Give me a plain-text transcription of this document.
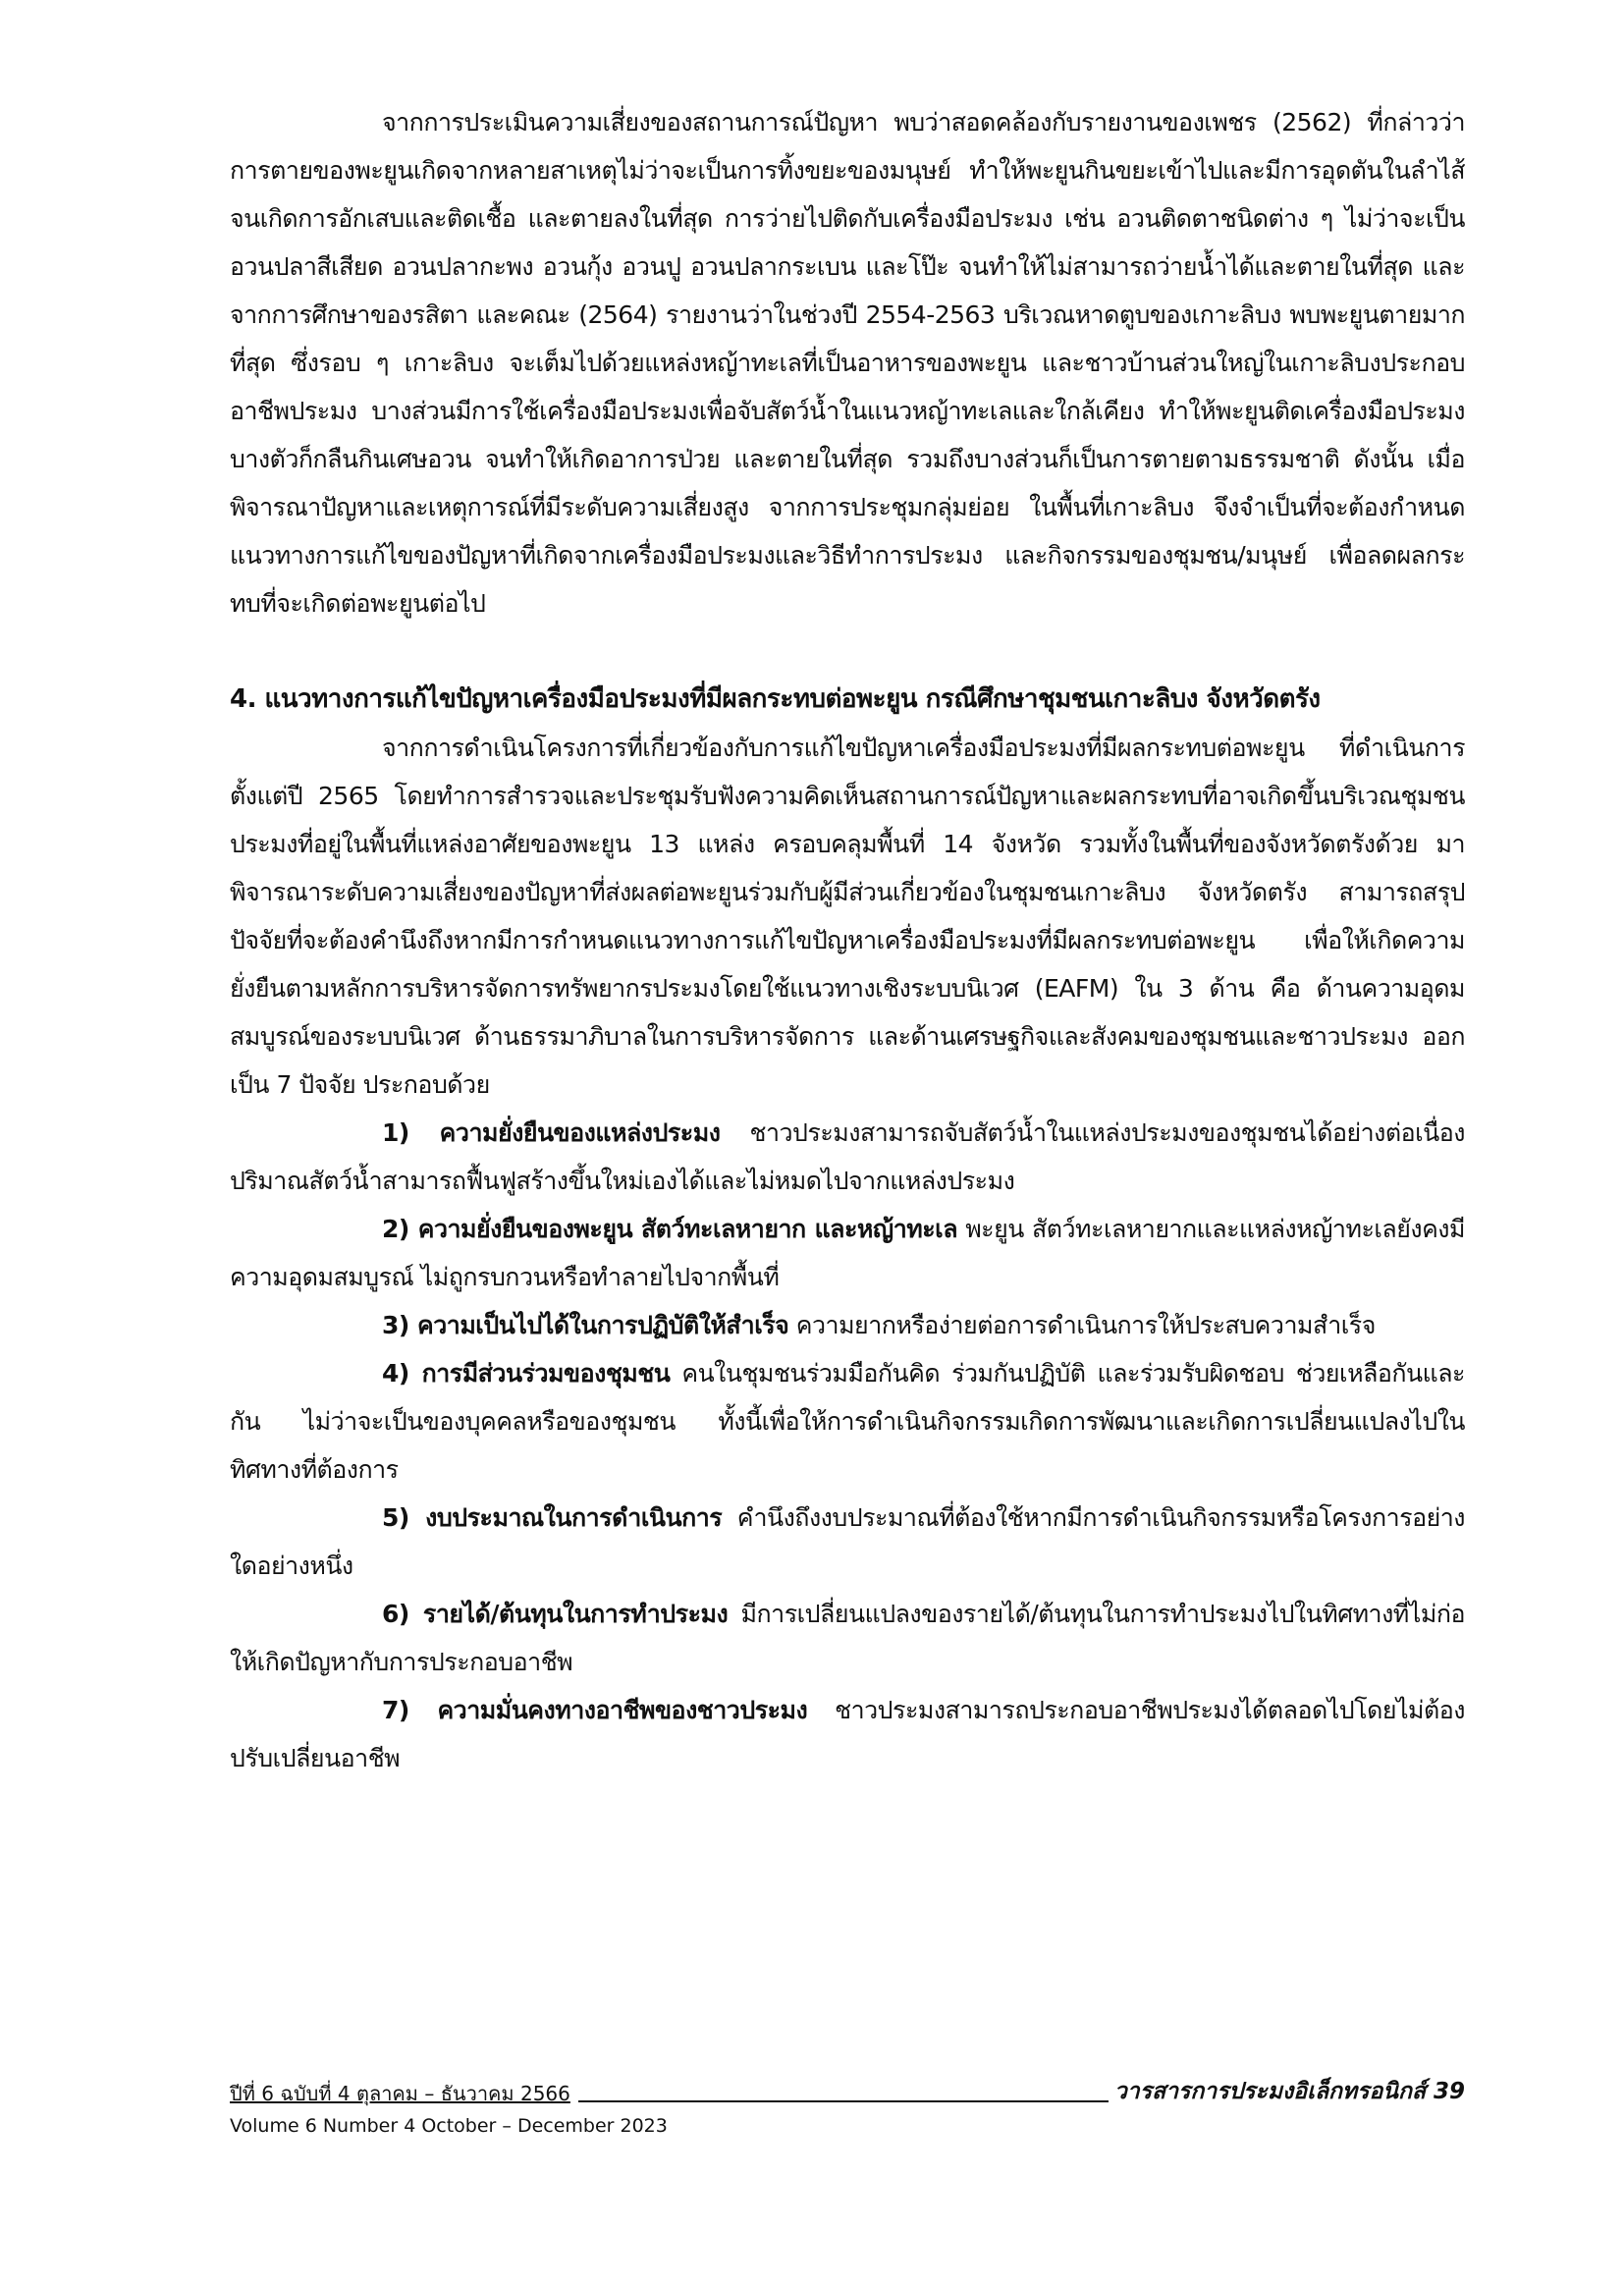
จากการประเมินความเสี่ยงของสถานการณ์ปัญหา พบว่าสอดคล้องกับรายงานของเพชร (2562) ที่กล่าวว่า การตายของพะยูนเกิดจากหลายสาเหตุไม่ว่าจะเป็นการทิ้งขยะของมนุษย์ ทำให้พะยูนกินขยะเข้าไปและมีการอุดตันในลำไส้จนเกิดการอักเสบและติดเชื้อ และตายลงในที่สุด การว่ายไปติดกับเครื่องมือประมง เช่น อวนติดตาชนิดต่าง ๆ ไม่ว่าจะเป็นอวนปลาสีเสียด อวนปลากะพง อวนกุ้ง อวนปู อวนปลากระเบน และโป๊ะ จนทำให้ไม่สามารถว่ายน้ำได้และตายในที่สุด และจากการศึกษาของรสิตา และคณะ (2564) รายงานว่าในช่วงปี 2554-2563 บริเวณหาดตูบของเกาะลิบง พบพะยูนตายมากที่สุด ซึ่งรอบ ๆ เกาะลิบง จะเต็มไปด้วยแหล่งหญ้าทะเลที่เป็นอาหารของพะยูน และชาวบ้านส่วนใหญ่ในเกาะลิบงประกอบอาชีพประมง บางส่วนมีการใช้เครื่องมือประมงเพื่อจับสัตว์น้ำในแนวหญ้าทะเลและใกล้เคียง ทำให้พะยูนติดเครื่องมือประมง บางตัวก็กลืนกินเศษอวน จนทำให้เกิดอาการป่วย และตายในที่สุด รวมถึงบางส่วนก็เป็นการตายตามธรรมชาติ ดังนั้น เมื่อพิจารณาปัญหาและเหตุการณ์ที่มีระดับความเสี่ยงสูง จากการประชุมกลุ่มย่อย ในพื้นที่เกาะลิบง จึงจำเป็นที่จะต้องกำหนดแนวทางการแก้ไขของปัญหาที่เกิดจากเครื่องมือประมงและวิธีทำการประมง และกิจกรรมของชุมชน/มนุษย์ เพื่อลดผลกระทบที่จะเกิดต่อพะยูนต่อไป

4. แนวทางการแก้ไขปัญหาเครื่องมือประมงที่มีผลกระทบต่อพะยูน กรณีศึกษาชุมชนเกาะลิบง จังหวัดตรัง

จากการดำเนินโครงการที่เกี่ยวข้องกับการแก้ไขปัญหาเครื่องมือประมงที่มีผลกระทบต่อพะยูน ที่ดำเนินการตั้งแต่ปี 2565 โดยทำการสำรวจและประชุมรับฟังความคิดเห็นสถานการณ์ปัญหาและผลกระทบที่อาจเกิดขึ้นบริเวณชุมชนประมงที่อยู่ในพื้นที่แหล่งอาศัยของพะยูน 13 แหล่ง ครอบคลุมพื้นที่ 14 จังหวัด รวมทั้งในพื้นที่ของจังหวัดตรังด้วย มาพิจารณาระดับความเสี่ยงของปัญหาที่ส่งผลต่อพะยูนร่วมกับผู้มีส่วนเกี่ยวข้องในชุมชนเกาะลิบง จังหวัดตรัง สามารถสรุปปัจจัยที่จะต้องคำนึงถึงหากมีการกำหนดแนวทางการแก้ไขปัญหาเครื่องมือประมงที่มีผลกระทบต่อพะยูน เพื่อให้เกิดความยั่งยืนตามหลักการบริหารจัดการทรัพยากรประมงโดยใช้แนวทางเชิงระบบนิเวศ (EAFM) ใน 3 ด้าน คือ ด้านความอุดมสมบูรณ์ของระบบนิเวศ ด้านธรรมาภิบาลในการบริหารจัดการ และด้านเศรษฐกิจและสังคมของชุมชนและชาวประมง ออกเป็น 7 ปัจจัย ประกอบด้วย

1) ความยั่งยืนของแหล่งประมง ชาวประมงสามารถจับสัตว์น้ำในแหล่งประมงของชุมชนได้อย่างต่อเนื่อง ปริมาณสัตว์น้ำสามารถฟื้นฟูสร้างขึ้นใหม่เองได้และไม่หมดไปจากแหล่งประมง

2) ความยั่งยืนของพะยูน สัตว์ทะเลหายาก และหญ้าทะเล พะยูน สัตว์ทะเลหายากและแหล่งหญ้าทะเลยังคงมีความอุดมสมบูรณ์ ไม่ถูกรบกวนหรือทำลายไปจากพื้นที่

3) ความเป็นไปได้ในการปฏิบัติให้สำเร็จ ความยากหรือง่ายต่อการดำเนินการให้ประสบความสำเร็จ

4) การมีส่วนร่วมของชุมชน คนในชุมชนร่วมมือกันคิด ร่วมกันปฏิบัติ และร่วมรับผิดชอบ ช่วยเหลือกันและกัน ไม่ว่าจะเป็นของบุคคลหรือของชุมชน ทั้งนี้เพื่อให้การดำเนินกิจกรรมเกิดการพัฒนาและเกิดการเปลี่ยนแปลงไปในทิศทางที่ต้องการ

5) งบประมาณในการดำเนินการ คำนึงถึงงบประมาณที่ต้องใช้หากมีการดำเนินกิจกรรมหรือโครงการอย่างใดอย่างหนึ่ง

6) รายได้/ต้นทุนในการทำประมง มีการเปลี่ยนแปลงของรายได้/ต้นทุนในการทำประมงไปในทิศทางที่ไม่ก่อให้เกิดปัญหากับการประกอบอาชีพ

7) ความมั่นคงทางอาชีพของชาวประมง ชาวประมงสามารถประกอบอาชีพประมงได้ตลอดไปโดยไม่ต้องปรับเปลี่ยนอาชีพ

ปีที่ 6 ฉบับที่ 4 ตุลาคม – ธันวาคม 2566	วารสารการประมงอิเล็กทรอนิกส์ 39
Volume 6 Number 4 October – December 2023
